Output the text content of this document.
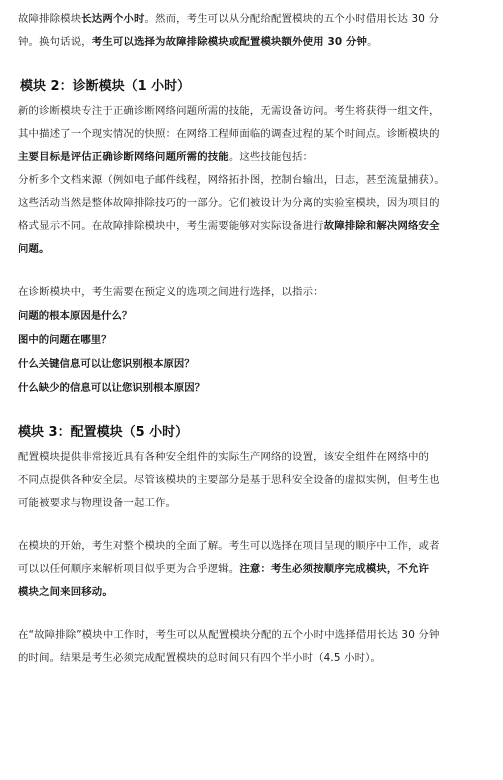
故障排除模块长达两个小时。然而，考生可以从分配给配置模块的五个小时借用长达 30 分

钟。换句话说，考生可以选择为故障排除模块或配置模块额外使用 30 分钟。

模块 2：诊断模块（1 小时）

新的诊断模块专注于正确诊断网络问题所需的技能，无需设备访问。考生将获得一组文件，

其中描述了一个现实情况的快照：在网络工程师面临的调查过程的某个时间点。诊断模块的

主要目标是评估正确诊断网络问题所需的技能。这些技能包括：

分析多个文档来源（例如电子邮件线程，网络拓扑图，控制台输出，日志，甚至流量捕获）。

这些活动当然是整体故障排除技巧的一部分。它们被设计为分离的实验室模块，因为项目的

格式显示不同。在故障排除模块中，考生需要能够对实际设备进行故障排除和解决网络安全

问题。

在诊断模块中，考生需要在预定义的选项之间进行选择，以指示：

问题的根本原因是什么？

图中的问题在哪里？

什么关键信息可以让您识别根本原因？

什么缺少的信息可以让您识别根本原因？

模块 3：配置模块（5 小时）

配置模块提供非常接近具有各种安全组件的实际生产网络的设置，该安全组件在网络中的

不同点提供各种安全层。尽管该模块的主要部分是基于思科安全设备的虚拟实例，但考生也

可能被要求与物理设备一起工作。

在模块的开始，考生对整个模块的全面了解。考生可以选择在项目呈现的顺序中工作，或者

可以以任何顺序来解析项目似乎更为合乎逻辑。注意：考生必须按顺序完成模块，不允许

模块之间来回移动。

在“故障排除”模块中工作时，考生可以从配置模块分配的五个小时中选择借用长达 30 分钟

的时间。结果是考生必须完成配置模块的总时间只有四个半小时（4.5 小时）。
